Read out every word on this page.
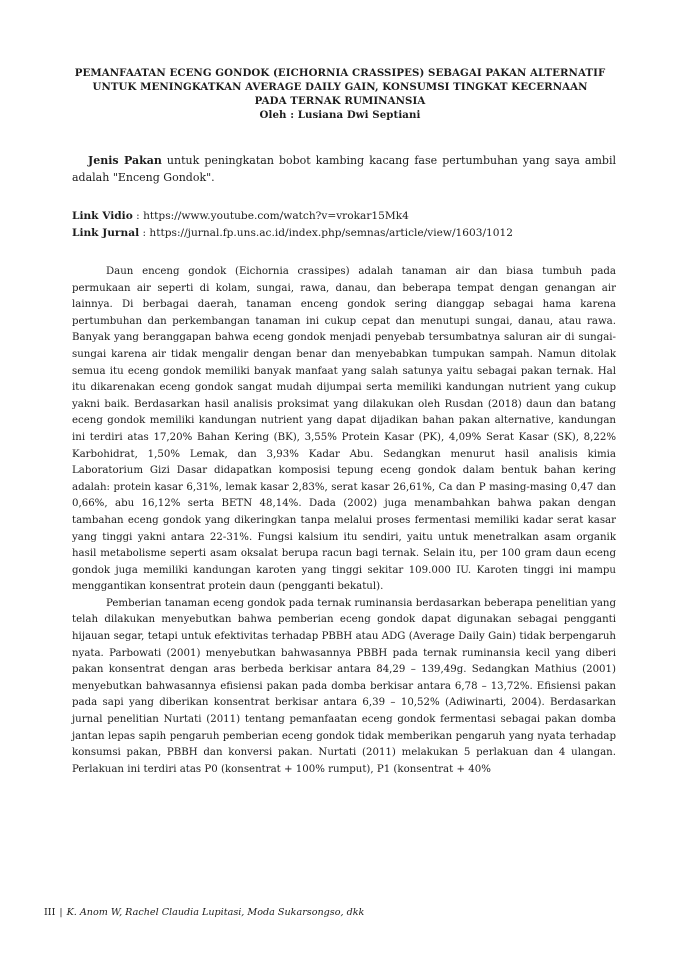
PEMANFAATAN ECENG GONDOK (EICHORNIA CRASSIPES) SEBAGAI PAKAN ALTERNATIF
UNTUK MENINGKATKAN AVERAGE DAILY GAIN, KONSUMSI TINGKAT KECERNAAN
PADA TERNAK RUMINANSIA
Oleh : Lusiana Dwi Septiani
Jenis Pakan untuk peningkatan bobot kambing kacang fase pertumbuhan yang saya ambil adalah "Enceng Gondok".
Link Vidio : https://www.youtube.com/watch?v=vrokar15Mk4
Link Jurnal : https://jurnal.fp.uns.ac.id/index.php/semnas/article/view/1603/1012

Daun enceng gondok (Eichornia crassipes) adalah tanaman air dan biasa tumbuh pada permukaan air seperti di kolam, sungai, rawa, danau, dan beberapa tempat dengan genangan air lainnya. Di berbagai daerah, tanaman enceng gondok sering dianggap sebagai hama karena pertumbuhan dan perkembangan tanaman ini cukup cepat dan menutupi sungai, danau, atau rawa. Banyak yang beranggapan bahwa eceng gondok menjadi penyebab tersumbatnya saluran air di sungai-sungai karena air tidak mengalir dengan benar dan menyebabkan tumpukan sampah. Namun ditolak semua itu eceng gondok memiliki banyak manfaat yang salah satunya yaitu sebagai pakan ternak. Hal itu dikarenakan eceng gondok sangat mudah dijumpai serta memiliki kandungan nutrient yang cukup yakni baik. Berdasarkan hasil analisis proksimat yang dilakukan oleh Rusdan (2018) daun dan batang eceng gondok memiliki kandungan nutrient yang dapat dijadikan bahan pakan alternative, kandungan ini terdiri atas 17,20% Bahan Kering (BK), 3,55% Protein Kasar (PK), 4,09% Serat Kasar (SK), 8,22% Karbohidrat, 1,50% Lemak, dan 3,93% Kadar Abu. Sedangkan menurut hasil analisis kimia Laboratorium Gizi Dasar didapatkan komposisi tepung eceng gondok dalam bentuk bahan kering adalah: protein kasar 6,31%, lemak kasar 2,83%, serat kasar 26,61%, Ca dan P masing-masing 0,47 dan 0,66%, abu 16,12% serta BETN 48,14%. Dada (2002) juga menambahkan bahwa pakan dengan tambahan eceng gondok yang dikeringkan tanpa melalui proses fermentasi memiliki kadar serat kasar yang tinggi yakni antara 22-31%. Fungsi kalsium itu sendiri, yaitu untuk menetralkan asam organik hasil metabolisme seperti asam oksalat berupa racun bagi ternak. Selain itu, per 100 gram daun eceng gondok juga memiliki kandungan karoten yang tinggi sekitar 109.000 IU. Karoten tinggi ini mampu menggantikan konsentrat protein daun (pengganti bekatul).

Pemberian tanaman eceng gondok pada ternak ruminansia berdasarkan beberapa penelitian yang telah dilakukan menyebutkan bahwa pemberian eceng gondok dapat digunakan sebagai pengganti hijauan segar, tetapi untuk efektivitas terhadap PBBH atau ADG (Average Daily Gain) tidak berpengaruh nyata. Parbowati (2001) menyebutkan bahwasannya PBBH pada ternak ruminansia kecil yang diberi pakan konsentrat dengan aras berbeda berkisar antara 84,29 – 139,49g. Sedangkan Mathius (2001) menyebutkan bahwasannya efisiensi pakan pada domba berkisar antara 6,78 – 13,72%. Efisiensi pakan pada sapi yang diberikan konsentrat berkisar antara 6,39 – 10,52% (Adiwinarti, 2004). Berdasarkan jurnal penelitian Nurtati (2011) tentang pemanfaatan eceng gondok fermentasi sebagai pakan domba jantan lepas sapih pengaruh pemberian eceng gondok tidak memberikan pengaruh yang nyata terhadap konsumsi pakan, PBBH dan konversi pakan. Nurtati (2011) melakukan 5 perlakuan dan 4 ulangan. Perlakuan ini terdiri atas P0 (konsentrat + 100% rumput), P1 (konsentrat + 40%

III | K. Anom W, Rachel Claudia Lupitasi, Moda Sukarsongso, dkk
